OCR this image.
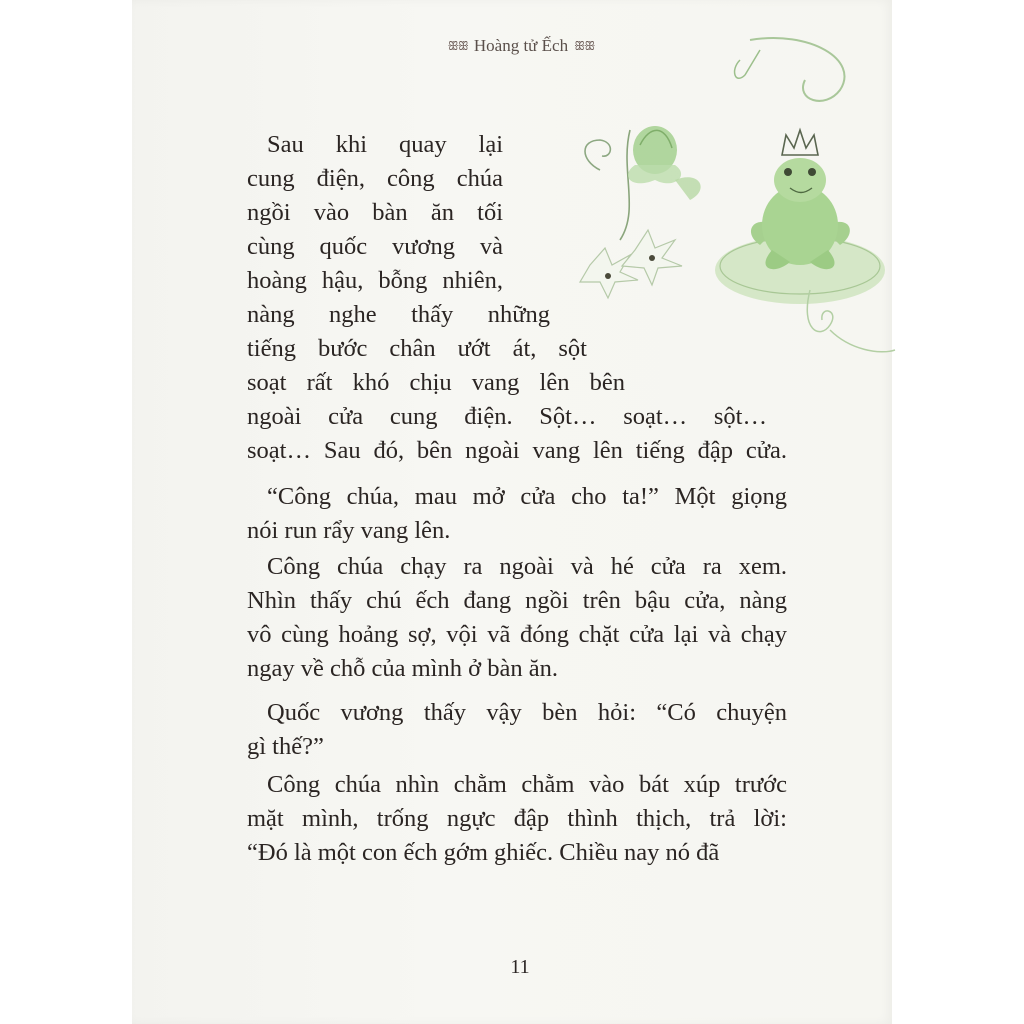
ꕥꕥ Hoàng tử Ếch ꕥꕥ
Sau khi quay lại
cung điện, công chúa
ngồi vào bàn ăn tối
cùng quốc vương và
hoàng hậu, bỗng nhiên,
nàng nghe thấy những
tiếng bước chân ướt át, sột
soạt rất khó chịu vang lên bên
ngoài cửa cung điện. Sột… soạt… sột…
soạt… Sau đó, bên ngoài vang lên tiếng đập cửa.
“Công chúa, mau mở cửa cho ta!” Một giọng
nói run rẩy vang lên.
Công chúa chạy ra ngoài và hé cửa ra xem.
Nhìn thấy chú ếch đang ngồi trên bậu cửa, nàng
vô cùng hoảng sợ, vội vã đóng chặt cửa lại và chạy
ngay về chỗ của mình ở bàn ăn.
Quốc vương thấy vậy bèn hỏi: “Có chuyện
gì thế?”
Công chúa nhìn chằm chằm vào bát xúp trước
mặt mình, trống ngực đập thình thịch, trả lời:
“Đó là một con ếch gớm ghiếc. Chiều nay nó đã
11
